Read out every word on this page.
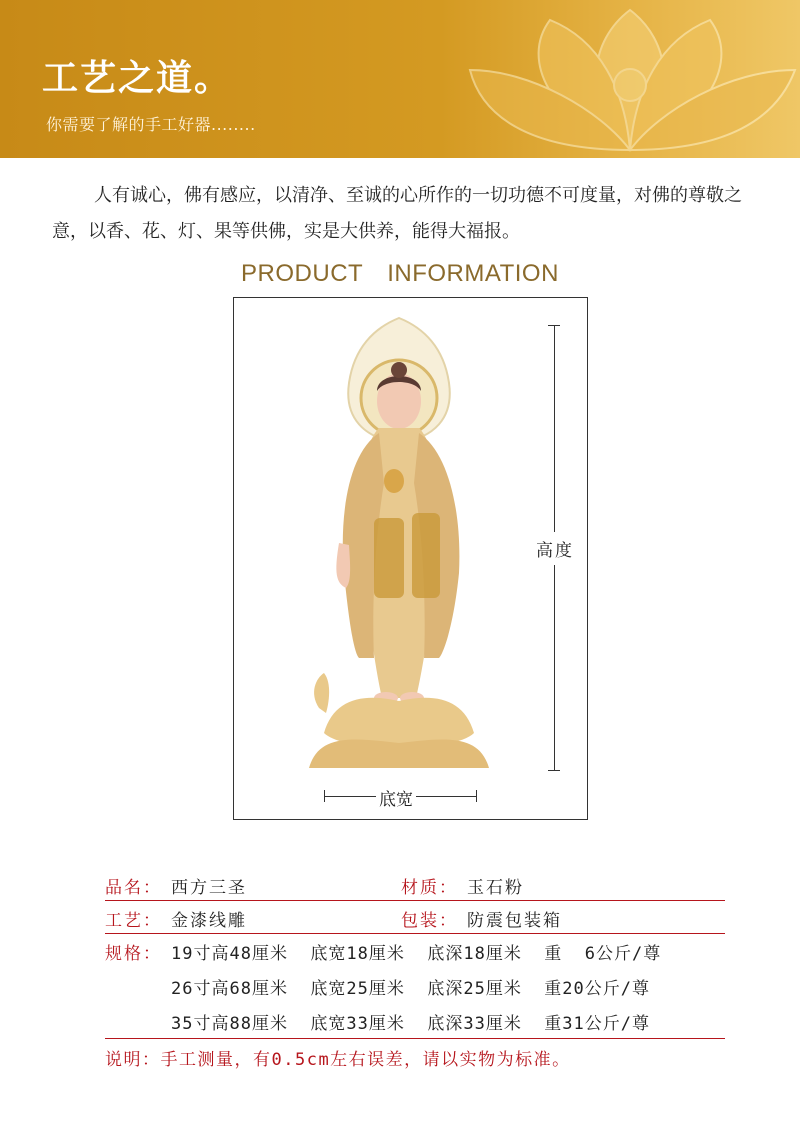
工艺之道。
你需要了解的手工好器........
人有诚心，佛有感应，以清净、至诚的心所作的一切功德不可度量，对佛的尊敬之意，以香、花、灯、果等供佛，实是大供养，能得大福报。
PRODUCT INFORMATION
高度
底宽
品名： 西方三圣	材质： 玉石粉
工艺： 金漆线雕	包装： 防震包装箱
规格： 19寸高48厘米  底宽18厘米  底深18厘米  重  6公斤/尊
26寸高68厘米  底宽25厘米  底深25厘米  重20公斤/尊
35寸高88厘米  底宽33厘米  底深33厘米  重31公斤/尊
说明：手工测量，有0.5cm左右误差，请以实物为标准。
